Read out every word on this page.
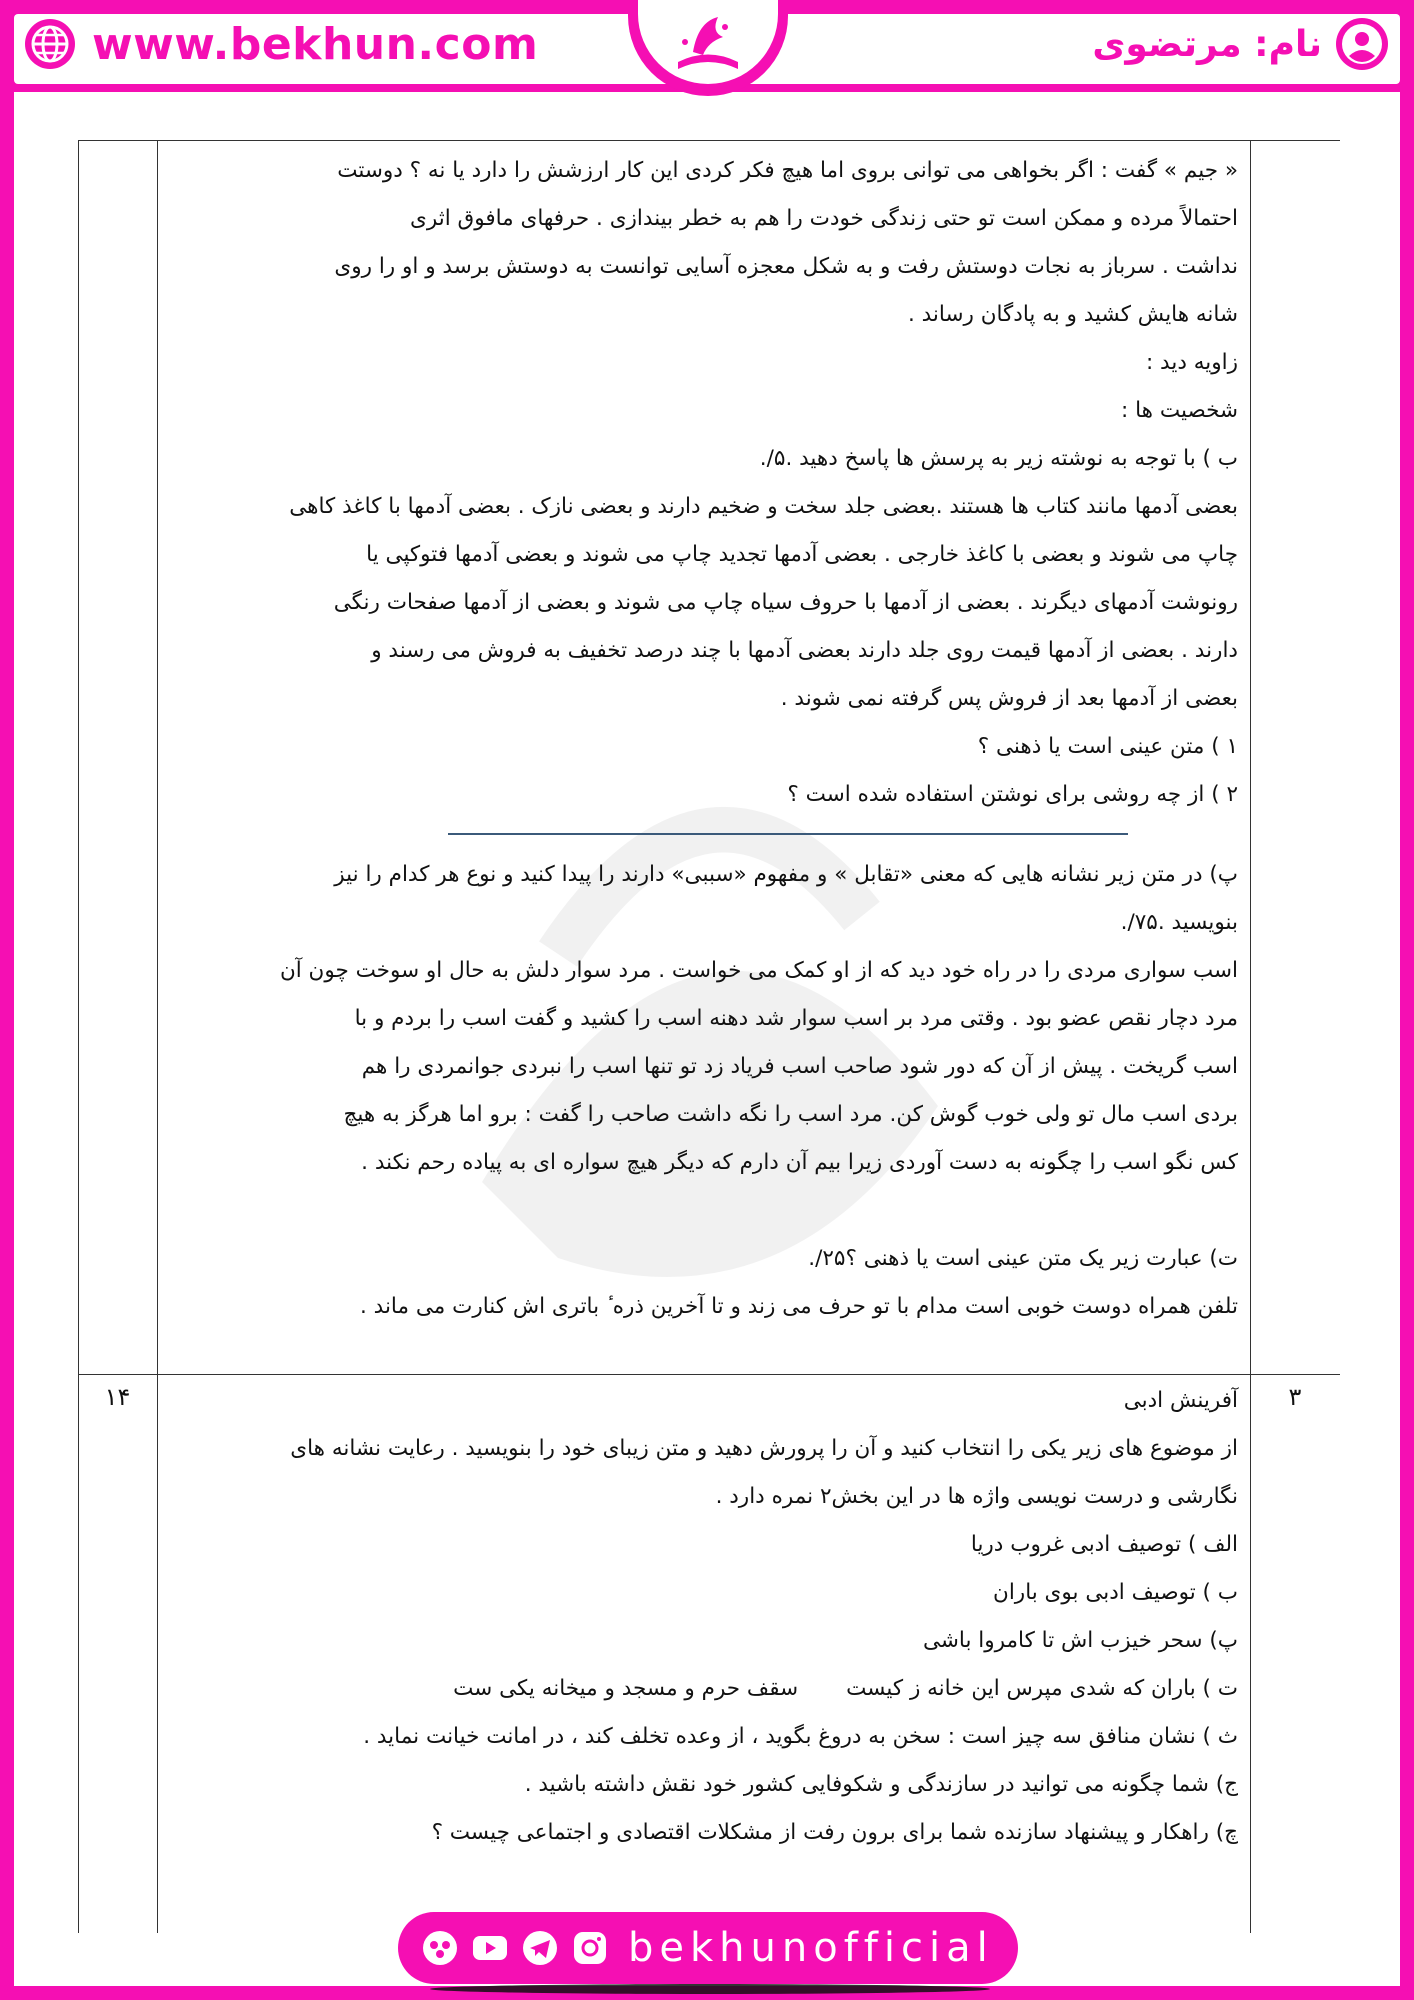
www.bekhun.com	نام: مرتضوی

« جیم » گفت : اگر بخواهی می توانی بروی اما هیچ فکر کردی این کار ارزشش را دارد یا نه ؟ دوستت

احتمالاً مرده و ممکن است تو حتی زندگی خودت را هم به خطر بیندازی . حرفهای مافوق اثری

نداشت . سرباز به نجات دوستش رفت و به شکل معجزه آسایی توانست به دوستش برسد و او را روی

شانه هایش کشید و به پادگان رساند .

زاویه دید :

شخصیت ها :

ب ) با توجه به نوشته زیر به پرسش ها پاسخ دهید .۵/.

بعضی آدمها مانند کتاب ها هستند .بعضی جلد سخت و ضخیم دارند و بعضی نازک . بعضی آدمها با کاغذ کاهی

چاپ می شوند و بعضی با کاغذ خارجی . بعضی آدمها تجدید چاپ می شوند و بعضی آدمها فتوکپی یا

رونوشت آدمهای دیگرند . بعضی از آدمها با حروف سیاه چاپ می شوند و بعضی از آدمها صفحات رنگی

دارند . بعضی از آدمها قیمت روی جلد دارند بعضی آدمها با چند درصد تخفیف به فروش می رسند و

بعضی از آدمها بعد از فروش پس گرفته نمی شوند .

۱ ) متن عینی است یا ذهنی ؟

۲ ) از چه روشی برای نوشتن استفاده شده است ؟

پ) در متن زیر نشانه هایی که معنی «تقابل » و مفهوم «سببی» دارند را پیدا کنید و نوع هر کدام را نیز

بنویسید .۷۵/.

اسب سواری مردی را در راه خود دید که از او کمک می خواست . مرد سوار دلش به حال او سوخت چون آن

مرد دچار نقص عضو بود . وقتی مرد بر اسب سوار شد دهنه اسب را کشید و گفت اسب را بردم و با

اسب گریخت . پیش از آن که دور شود صاحب اسب فریاد زد تو تنها اسب را نبردی جوانمردی را هم

بردی اسب مال تو ولی خوب گوش کن. مرد اسب را نگه داشت صاحب را گفت : برو اما هرگز به هیچ

کس نگو اسب را چگونه به دست آوردی زیرا بیم آن دارم که دیگر هیچ سواره ای به پیاده رحم نکند .

ت) عبارت زیر یک متن عینی است یا ذهنی ؟۲۵/.

تلفن همراه دوست خوبی است مدام با تو حرف می زند و تا آخرین ذره ٔ باتری اش کنارت می ماند .

۳
۱۴	آفرینش ادبی

از موضوع های زیر یکی را انتخاب کنید و آن را پرورش دهید و متن زیبای خود را بنویسید . رعایت نشانه های

نگارشی و درست نویسی واژه ها در این بخش۲ نمره دارد .

الف ) توصیف ادبی غروب دریا

ب ) توصیف ادبی بوی باران

پ) سحر خیزب اش تا کامروا باشی

ت ) باران که شدی مپرس این خانه ز کیستسقف حرم و مسجد و میخانه یکی ست

ث ) نشان منافق سه چیز است : سخن به دروغ بگوید ، از وعده تخلف کند ، در امانت خیانت نماید .

ج) شما چگونه می توانید در سازندگی و شکوفایی کشور خود نقش داشته باشید .

چ) راهکار و پیشنهاد سازنده شما برای برون رفت از مشکلات اقتصادی و اجتماعی چیست ؟

bekhunofficial
